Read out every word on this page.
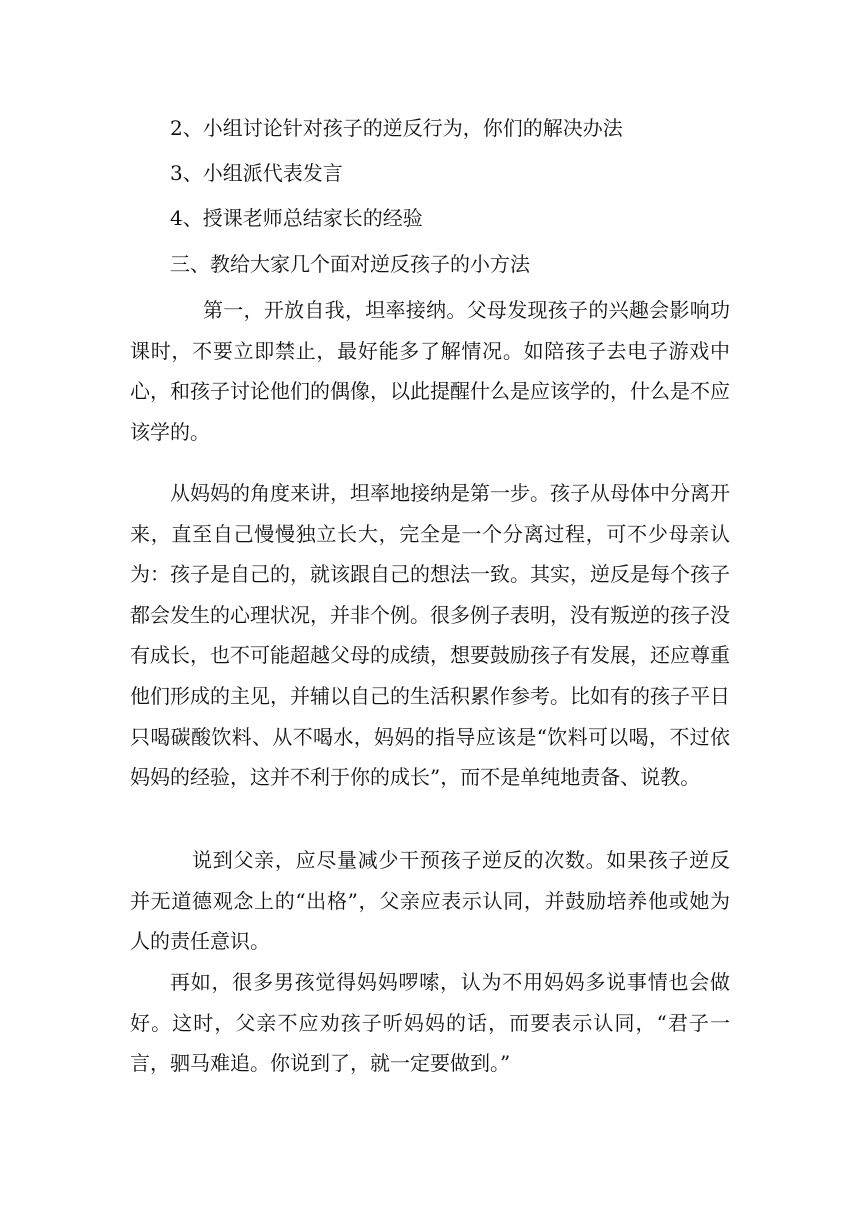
2、小组讨论针对孩子的逆反行为，你们的解决办法
3、小组派代表发言
4、授课老师总结家长的经验
三、教给大家几个面对逆反孩子的小方法
第一，开放自我，坦率接纳。父母发现孩子的兴趣会影响功课时，不要立即禁止，最好能多了解情况。如陪孩子去电子游戏中心，和孩子讨论他们的偶像，以此提醒什么是应该学的，什么是不应该学的。
从妈妈的角度来讲，坦率地接纳是第一步。孩子从母体中分离开来，直至自己慢慢独立长大，完全是一个分离过程，可不少母亲认为：孩子是自己的，就该跟自己的想法一致。其实，逆反是每个孩子都会发生的心理状况，并非个例。很多例子表明，没有叛逆的孩子没有成长，也不可能超越父母的成绩，想要鼓励孩子有发展，还应尊重他们形成的主见，并辅以自己的生活积累作参考。比如有的孩子平日只喝碳酸饮料、从不喝水，妈妈的指导应该是“饮料可以喝，不过依妈妈的经验，这并不利于你的成长”，而不是单纯地责备、说教。
说到父亲，应尽量减少干预孩子逆反的次数。如果孩子逆反并无道德观念上的“出格”，父亲应表示认同，并鼓励培养他或她为人的责任意识。
再如，很多男孩觉得妈妈啰嗦，认为不用妈妈多说事情也会做好。这时，父亲不应劝孩子听妈妈的话，而要表示认同，“君子一言，驷马难追。你说到了，就一定要做到。”
